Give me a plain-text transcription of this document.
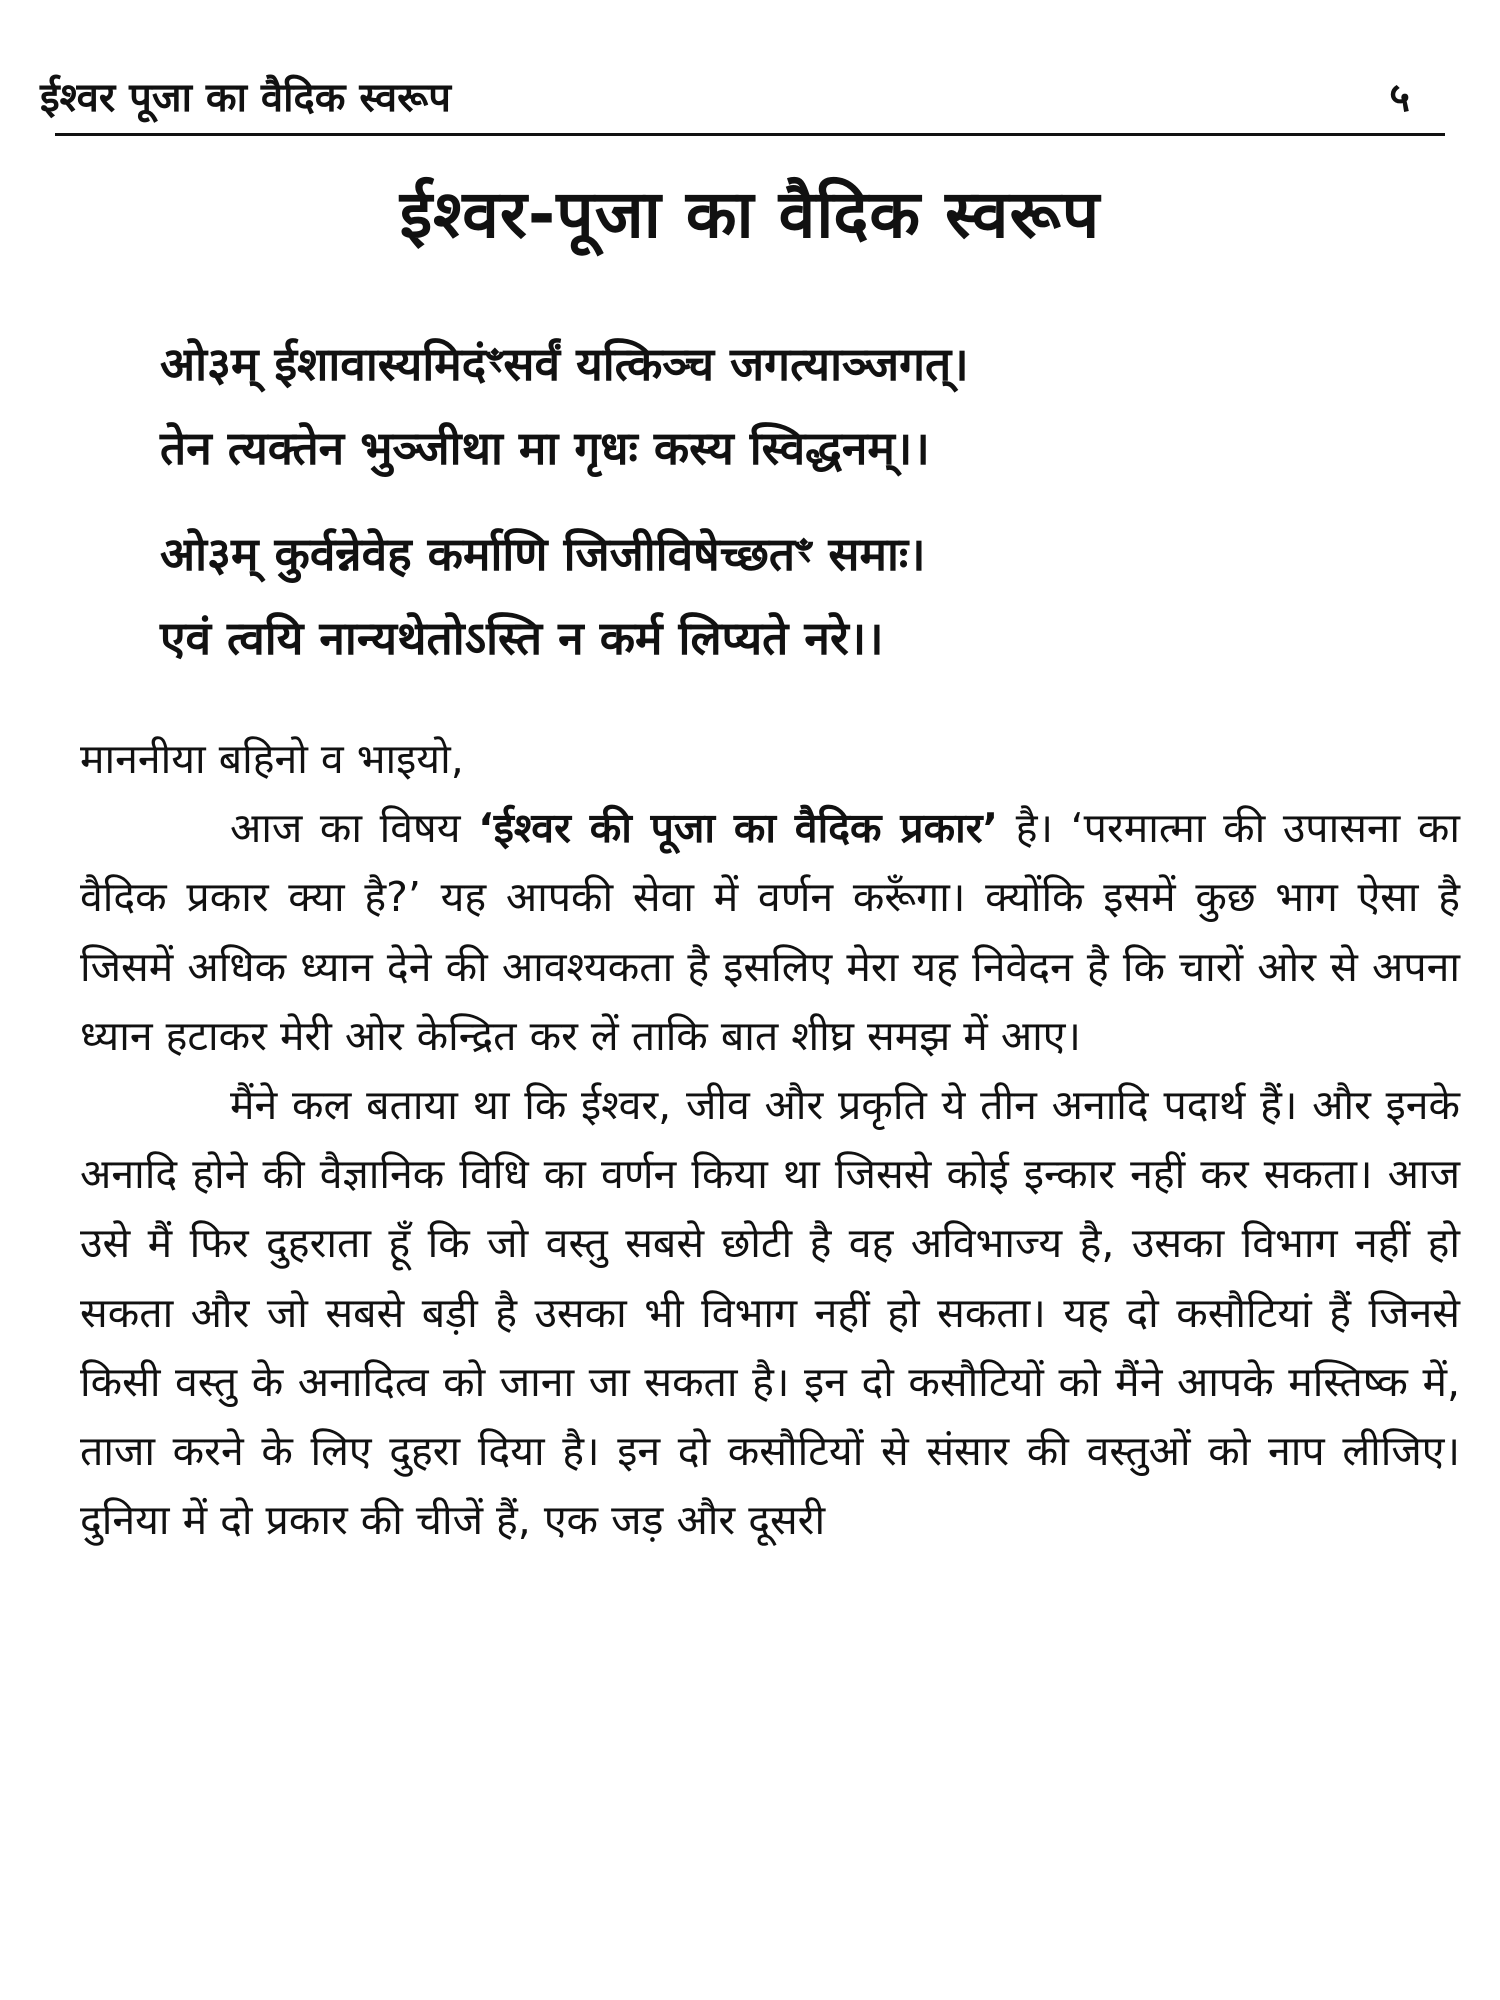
ईश्वर पूजा का वैदिक स्वरूप	५
ईश्वर-पूजा का वैदिक स्वरूप
ओ३म् ईशावास्यमिदंꣳसर्वं यत्किञ्च जगत्याञ्जगत्।
तेन त्यक्तेन भुञ्जीथा मा गृधः कस्य स्विद्धनम्।।
ओ३म् कुर्वन्नेवेह कर्माणि जिजीविषेच्छतꣳ समाः।
एवं त्वयि नान्यथेतोऽस्ति न कर्म लिप्यते नरे।।
माननीया बहिनो व भाइयो,

आज का विषय ‘ईश्वर की पूजा का वैदिक प्रकार’ है। ‘परमात्मा की उपासना का वैदिक प्रकार क्या है?’ यह आपकी सेवा में वर्णन करूँगा। क्योंकि इसमें कुछ भाग ऐसा है जिसमें अधिक ध्यान देने की आवश्यकता है इसलिए मेरा यह निवेदन है कि चारों ओर से अपना ध्यान हटाकर मेरी ओर केन्द्रित कर लें ताकि बात शीघ्र समझ में आए।

मैंने कल बताया था कि ईश्वर, जीव और प्रकृति ये तीन अनादि पदार्थ हैं। और इनके अनादि होने की वैज्ञानिक विधि का वर्णन किया था जिससे कोई इन्कार नहीं कर सकता। आज उसे मैं फिर दुहराता हूँ कि जो वस्तु सबसे छोटी है वह अविभाज्य है, उसका विभाग नहीं हो सकता और जो सबसे बड़ी है उसका भी विभाग नहीं हो सकता। यह दो कसौटियां हैं जिनसे किसी वस्तु के अनादित्व को जाना जा सकता है। इन दो कसौटियों को मैंने आपके मस्तिष्क में, ताजा करने के लिए दुहरा दिया है। इन दो कसौटियों से संसार की वस्तुओं को नाप लीजिए। दुनिया में दो प्रकार की चीजें हैं, एक जड़ और दूसरी
